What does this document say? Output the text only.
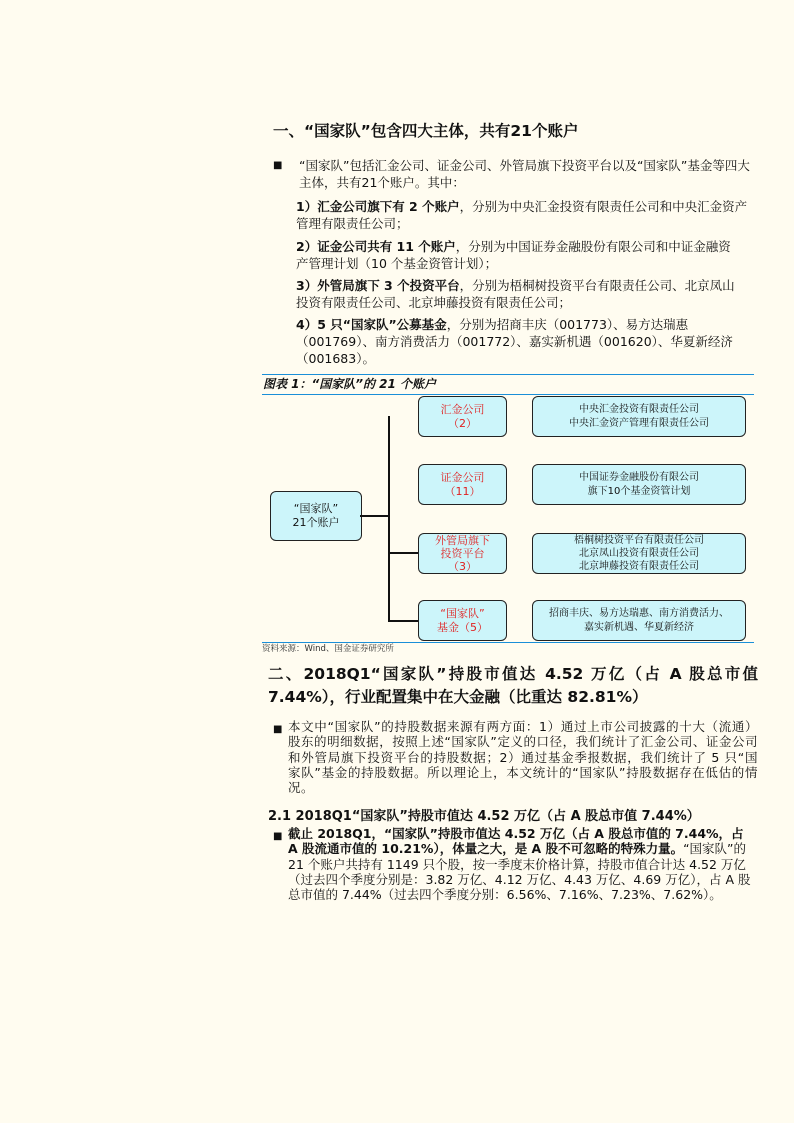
一、“国家队”包含四大主体，共有21个账户
■ “国家队”包括汇金公司、证金公司、外管局旗下投资平台以及“国家队”基金等四大主体，共有21个账户。其中：
1）汇金公司旗下有 2 个账户，分别为中央汇金投资有限责任公司和中央汇金资产管理有限责任公司；
2）证金公司共有 11 个账户，分别为中国证券金融股份有限公司和中证金融资产管理计划（10 个基金资管计划）；
3）外管局旗下 3 个投资平台，分别为梧桐树投资平台有限责任公司、北京凤山投资有限责任公司、北京坤藤投资有限责任公司；
4）5 只“国家队”公募基金，分别为招商丰庆（001773）、易方达瑞惠（001769）、南方消费活力（001772）、嘉实新机遇（001620）、华夏新经济（001683）。
图表 1：“国家队”的 21 个账户
“国家队”
21个账户
汇金公司
（2）
中央汇金投资有限责任公司
中央汇金资产管理有限责任公司
证金公司
（11）
中国证券金融股份有限公司
旗下10个基金资管计划
外管局旗下
投资平台
（3）
梧桐树投资平台有限责任公司
北京凤山投资有限责任公司
北京坤藤投资有限责任公司
“国家队”
基金（5）
招商丰庆、易方达瑞惠、南方消费活力、
嘉实新机遇、华夏新经济
资料来源：Wind、国金证券研究所
二、2018Q1“国家队”持股市值达 4.52 万亿（占 A 股总市值 7.44%），行业配置集中在大金融（比重达 82.81%）
■ 本文中“国家队”的持股数据来源有两方面：1）通过上市公司披露的十大（流通）股东的明细数据，按照上述“国家队”定义的口径，我们统计了汇金公司、证金公司和外管局旗下投资平台的持股数据；2）通过基金季报数据，我们统计了 5 只“国家队”基金的持股数据。所以理论上，本文统计的“国家队”持股数据存在低估的情况。
2.1 2018Q1“国家队”持股市值达 4.52 万亿（占 A 股总市值 7.44%）
■ 截止 2018Q1，“国家队”持股市值达 4.52 万亿（占 A 股总市值的 7.44%，占 A 股流通市值的 10.21%），体量之大，是 A 股不可忽略的特殊力量。“国家队”的 21 个账户共持有 1149 只个股，按一季度末价格计算，持股市值合计达 4.52 万亿（过去四个季度分别是：3.82 万亿、4.12 万亿、4.43 万亿、4.69 万亿），占 A 股总市值的 7.44%（过去四个季度分别：6.56%、7.16%、7.23%、7.62%）。
